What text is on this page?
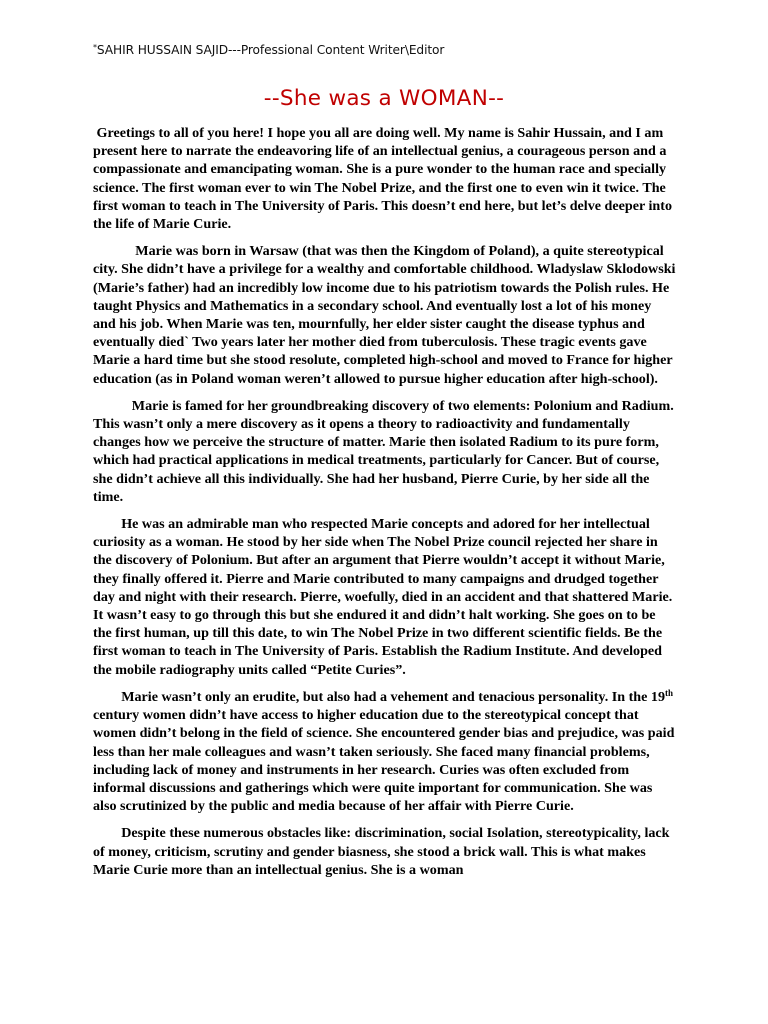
*SAHIR HUSSAIN SAJID---Professional Content Writer\Editor
--She was a WOMAN--

Greetings to all of you here! I hope you all are doing well. My name is Sahir Hussain, and I am present here to narrate the endeavoring life of an intellectual genius, a courageous person and a compassionate and emancipating woman. She is a pure wonder to the human race and specially science. The first woman ever to win The Nobel Prize, and the first one to even win it twice. The first woman to teach in The University of Paris. This doesn’t end here, but let’s delve deeper into the life of Marie Curie.

Marie was born in Warsaw (that was then the Kingdom of Poland), a quite stereotypical city. She didn’t have a privilege for a wealthy and comfortable childhood. Wladyslaw Sklodowski (Marie’s father) had an incredibly low income due to his patriotism towards the Polish rules. He taught Physics and Mathematics in a secondary school. And eventually lost a lot of his money and his job. When Marie was ten, mournfully, her elder sister caught the disease typhus and eventually died` Two years later her mother died from tuberculosis. These tragic events gave Marie a hard time but she stood resolute, completed high-school and moved to France for higher education (as in Poland woman weren’t allowed to pursue higher education after high-school).

Marie is famed for her groundbreaking discovery of two elements: Polonium and Radium. This wasn’t only a mere discovery as it opens a theory to radioactivity and fundamentally changes how we perceive the structure of matter. Marie then isolated Radium to its pure form, which had practical applications in medical treatments, particularly for Cancer. But of course, she didn’t achieve all this individually. She had her husband, Pierre Curie, by her side all the time.

He was an admirable man who respected Marie concepts and adored for her intellectual curiosity as a woman. He stood by her side when The Nobel Prize council rejected her share in the discovery of Polonium. But after an argument that Pierre wouldn’t accept it without Marie, they finally offered it. Pierre and Marie contributed to many campaigns and drudged together day and night with their research. Pierre, woefully, died in an accident and that shattered Marie. It wasn’t easy to go through this but she endured it and didn’t halt working. She goes on to be the first human, up till this date, to win The Nobel Prize in two different scientific fields. Be the first woman to teach in The University of Paris. Establish the Radium Institute. And developed the mobile radiography units called “Petite Curies”.

Marie wasn’t only an erudite, but also had a vehement and tenacious personality. In the 19th century women didn’t have access to higher education due to the stereotypical concept that women didn’t belong in the field of science. She encountered gender bias and prejudice, was paid less than her male colleagues and wasn’t taken seriously. She faced many financial problems, including lack of money and instruments in her research. Curies was often excluded from informal discussions and gatherings which were quite important for communication. She was also scrutinized by the public and media because of her affair with Pierre Curie.

Despite these numerous obstacles like: discrimination, social Isolation, stereotypicality, lack of money, criticism, scrutiny and gender biasness, she stood a brick wall. This is what makes Marie Curie more than an intellectual genius. She is a woman
